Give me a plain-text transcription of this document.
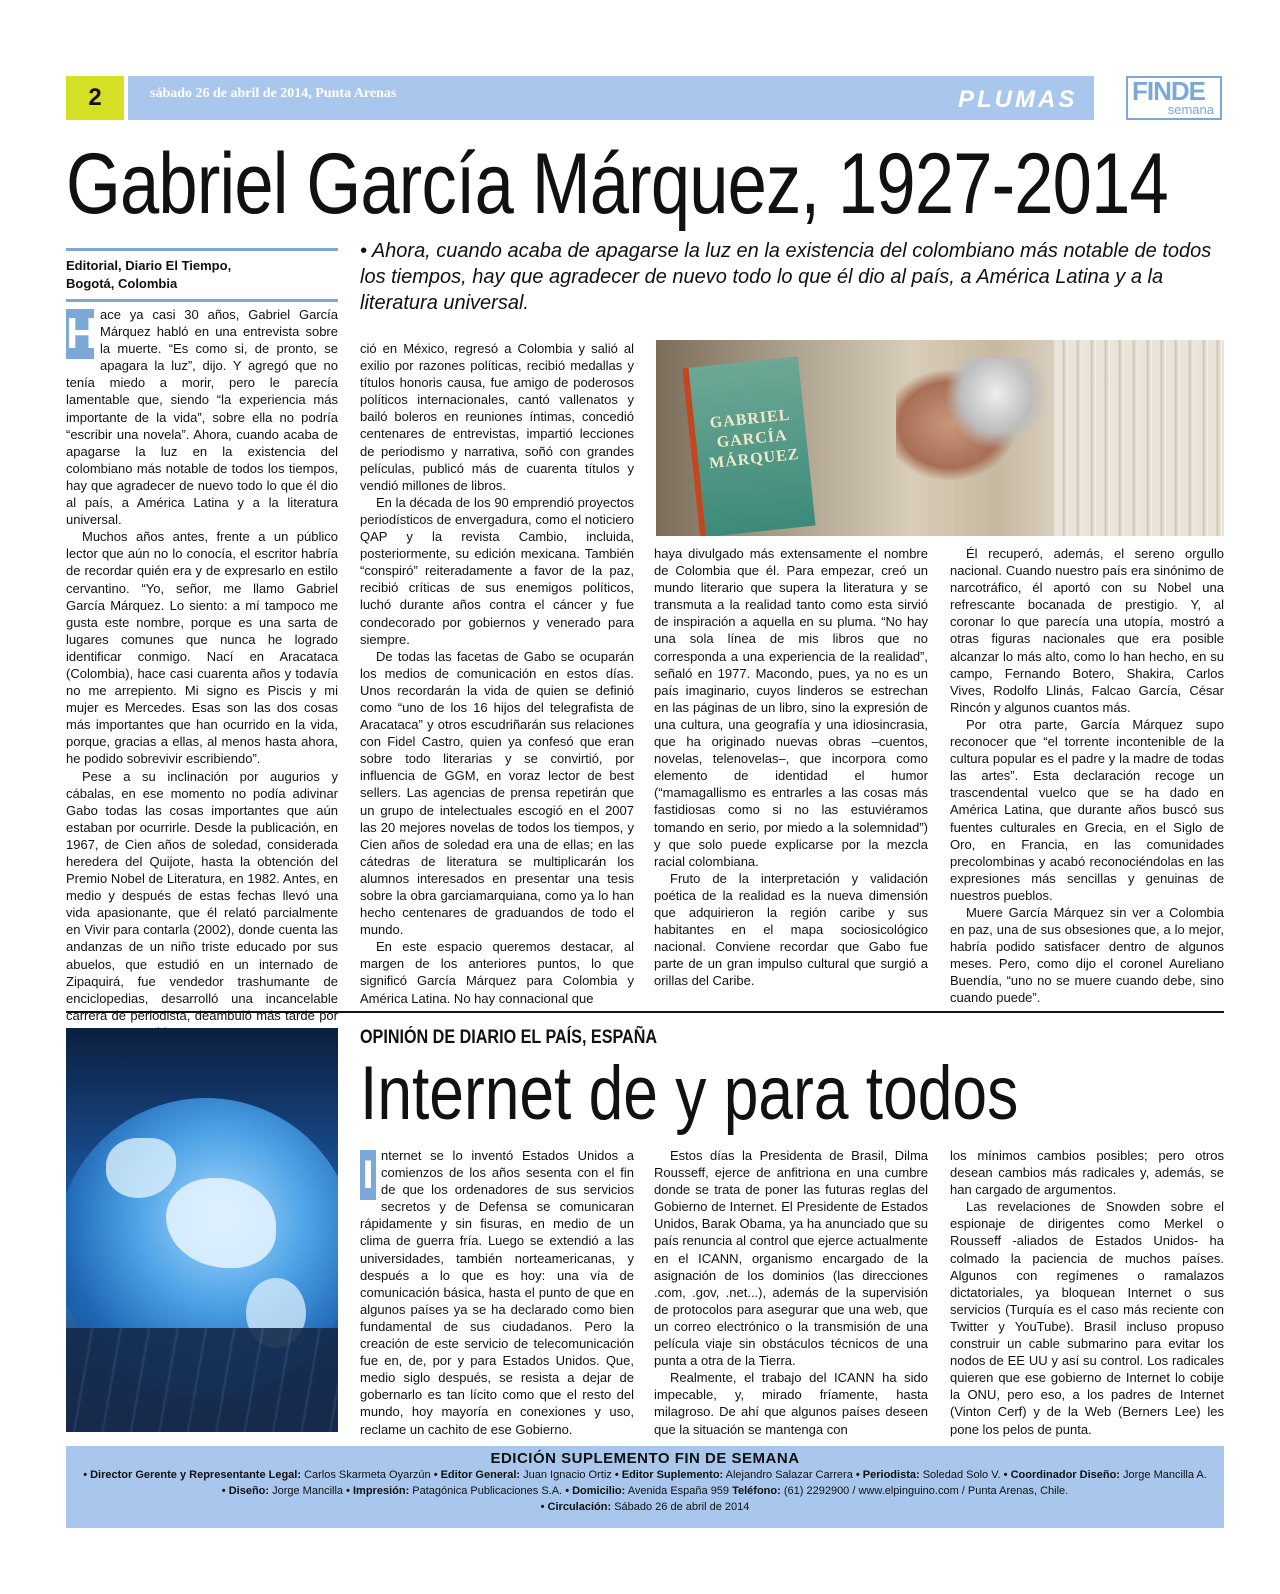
2	sábado 26 de abril de 2014, Punta Arenas	PLUMAS FINDE
semana
Gabriel García Márquez, 1927-2014
Editorial, Diario El Tiempo,
Bogotá, Colombia
• Ahora, cuando acaba de apagarse la luz en la existencia del colombiano más notable de todos los tiempos, hay que agradecer de nuevo todo lo que él dio al país, a América Latina y a la literatura universal.

H ace ya casi 30 años, Gabriel García Márquez habló en una entrevista sobre la muerte. “Es como si, de pronto, se apagara la luz”, dijo. Y agregó que no tenía miedo a morir, pero le parecía lamentable que, siendo “la experiencia más importante de la vida”, sobre ella no podría “escribir una novela”. Ahora, cuando acaba de apagarse la luz en la existencia del colombiano más notable de todos los tiempos, hay que agradecer de nuevo todo lo que él dio al país, a América Latina y a la literatura universal.

Muchos años antes, frente a un público lector que aún no lo conocía, el escritor habría de recordar quién era y de expresarlo en estilo cervantino. “Yo, señor, me llamo Gabriel García Márquez. Lo siento: a mí tampoco me gusta este nombre, porque es una sarta de lugares comunes que nunca he logrado identificar conmigo. Nací en Aracataca (Colombia), hace casi cuarenta años y todavía no me arrepiento. Mi signo es Piscis y mi mujer es Mercedes. Esas son las dos cosas más importantes que han ocurrido en la vida, porque, gracias a ellas, al menos hasta ahora, he podido sobrevivir escribiendo”.

Pese a su inclinación por augurios y cábalas, en ese momento no podía adivinar Gabo todas las cosas importantes que aún estaban por ocurrirle. Desde la publicación, en 1967, de Cien años de soledad, considerada heredera del Quijote, hasta la obtención del Premio Nobel de Literatura, en 1982. Antes, en medio y después de estas fechas llevó una vida apasionante, que él relató parcialmente en Vivir para contarla (2002), donde cuenta las andanzas de un niño triste educado por sus abuelos, que estudió en un internado de Zipaquirá, fue vendedor trashumante de enciclopedias, desarrolló una incancelable carrera de periodista, deambuló más tarde por

ció en México, regresó a Colombia y salió al exilio por razones políticas, recibió medallas y títulos honoris causa, fue amigo de poderosos políticos internacionales, cantó vallenatos y bailó boleros en reuniones íntimas, concedió centenares de entrevistas, impartió lecciones de periodismo y narrativa, soñó con grandes películas, publicó más de cuarenta títulos y vendió millones de libros.

En la década de los 90 emprendió proyectos periodísticos de envergadura, como el noticiero QAP y la revista Cambio, incluida, posteriormente, su edición mexicana. También “conspiró” reiteradamente a favor de la paz, recibió críticas de sus enemigos políticos, luchó durante años contra el cáncer y fue condecorado por gobiernos y venerado para siempre.

De todas las facetas de Gabo se ocuparán los medios de comunicación en estos días. Unos recordarán la vida de quien se definió como “uno de los 16 hijos del telegrafista de Aracataca” y otros escudriñarán sus relaciones con Fidel Castro, quien ya confesó que eran sobre todo literarias y se convirtió, por influencia de GGM, en voraz lector de best sellers. Las agencias de prensa repetirán que un grupo de intelectuales escogió en el 2007 las 20 mejores novelas de todos los tiempos, y Cien años de soledad era una de ellas; en las cátedras de literatura se multiplicarán los alumnos interesados en presentar una tesis sobre la obra garciamarquiana, como ya lo han hecho centenares de graduandos de todo el mundo.

En este espacio queremos destacar, al margen de los anteriores puntos, lo que significó García Márquez para Colombia y América Latina. No hay connacional que

GABRIEL GARCÍA MÁRQUEZ

haya divulgado más extensamente el nombre de Colombia que él. Para empezar, creó un mundo literario que supera la literatura y se transmuta a la realidad tanto como esta sirvió de inspiración a aquella en su pluma. “No hay una sola línea de mis libros que no corresponda a una experiencia de la realidad”, señaló en 1977. Macondo, pues, ya no es un país imaginario, cuyos linderos se estrechan en las páginas de un libro, sino la expresión de una cultura, una geografía y una idiosincrasia, que ha originado nuevas obras –cuentos, novelas, telenovelas–, que incorpora como elemento de identidad el humor (“mamagallismo es entrarles a las cosas más fastidiosas como si no las estuviéramos tomando en serio, por miedo a la solemnidad”) y que solo puede explicarse por la mezcla racial colombiana.

Fruto de la interpretación y validación poética de la realidad es la nueva dimensión que adquirieron la región caribe y sus habitantes en el mapa sociosicológico nacional. Conviene recordar que Gabo fue parte de un gran impulso cultural que surgió a orillas del Caribe.

Él recuperó, además, el sereno orgullo nacional. Cuando nuestro país era sinónimo de narcotráfico, él aportó con su Nobel una refrescante bocanada de prestigio. Y, al coronar lo que parecía una utopía, mostró a otras figuras nacionales que era posible alcanzar lo más alto, como lo han hecho, en su campo, Fernando Botero, Shakira, Carlos Vives, Rodolfo Llinás, Falcao García, César Rincón y algunos cuantos más.

Por otra parte, García Márquez supo reconocer que “el torrente incontenible de la cultura popular es el padre y la madre de todas las artes”. Esta declaración recoge un trascendental vuelco que se ha dado en América Latina, que durante años buscó sus fuentes culturales en Grecia, en el Siglo de Oro, en Francia, en las comunidades precolombinas y acabó reconociéndolas en las expresiones más sencillas y genuinas de nuestros pueblos.

Muere García Márquez sin ver a Colombia en paz, una de sus obsesiones que, a lo mejor, habría podido satisfacer dentro de algunos meses. Pero, como dijo el coronel Aureliano Buendía, “uno no se muere cuando debe, sino cuando puede”.

OPINIÓN DE DIARIO EL PAÍS, ESPAÑA
Internet de y para todos

I nternet se lo inventó Estados Unidos a comienzos de los años sesenta con el fin de que los ordenadores de sus servicios secretos y de Defensa se comunicaran rápidamente y sin fisuras, en medio de un clima de guerra fría. Luego se extendió a las universidades, también norteamericanas, y después a lo que es hoy: una vía de comunicación básica, hasta el punto de que en algunos países ya se ha declarado como bien fundamental de sus ciudadanos. Pero la creación de este servicio de telecomunicación fue en, de, por y para Estados Unidos. Que, medio siglo después, se resista a dejar de gobernarlo es tan lícito como que el resto del mundo, hoy mayoría en conexiones y uso, reclame un cachito de ese Gobierno.

Estos días la Presidenta de Brasil, Dilma Rousseff, ejerce de anfitriona en una cumbre donde se trata de poner las futuras reglas del Gobierno de Internet. El Presidente de Estados Unidos, Barak Obama, ya ha anunciado que su país renuncia al control que ejerce actualmente en el ICANN, organismo encargado de la asignación de los dominios (las direcciones .com, .gov, .net...), además de la supervisión de protocolos para asegurar que una web, que un correo electrónico o la transmisión de una película viaje sin obstáculos técnicos de una punta a otra de la Tierra.

Realmente, el trabajo del ICANN ha sido impecable, y, mirado fríamente, hasta milagroso. De ahí que algunos países deseen que la situación se mantenga con

los mínimos cambios posibles; pero otros desean cambios más radicales y, además, se han cargado de argumentos.

Las revelaciones de Snowden sobre el espionaje de dirigentes como Merkel o Rousseff -aliados de Estados Unidos- ha colmado la paciencia de muchos países. Algunos con regímenes o ramalazos dictatoriales, ya bloquean Internet o sus servicios (Turquía es el caso más reciente con Twitter y YouTube). Brasil incluso propuso construir un cable submarino para evitar los nodos de EE UU y así su control. Los radicales quieren que ese gobierno de Internet lo cobije la ONU, pero eso, a los padres de Internet (Vinton Cerf) y de la Web (Berners Lee) les pone los pelos de punta.

EDICIÓN SUPLEMENTO FIN DE SEMANA
• Director Gerente y Representante Legal: Carlos Skarmeta Oyarzún • Editor General: Juan Ignacio Ortiz • Editor Suplemento: Alejandro Salazar Carrera • Periodista: Soledad Solo V. • Coordinador Diseño: Jorge Mancilla A.
• Diseño: Jorge Mancilla • Impresión: Patagónica Publicaciones S.A. • Domicilio: Avenida España 959 Teléfono: (61) 2292900 / www.elpinguino.com / Punta Arenas, Chile.
• Circulación: Sábado 26 de abril de 2014
